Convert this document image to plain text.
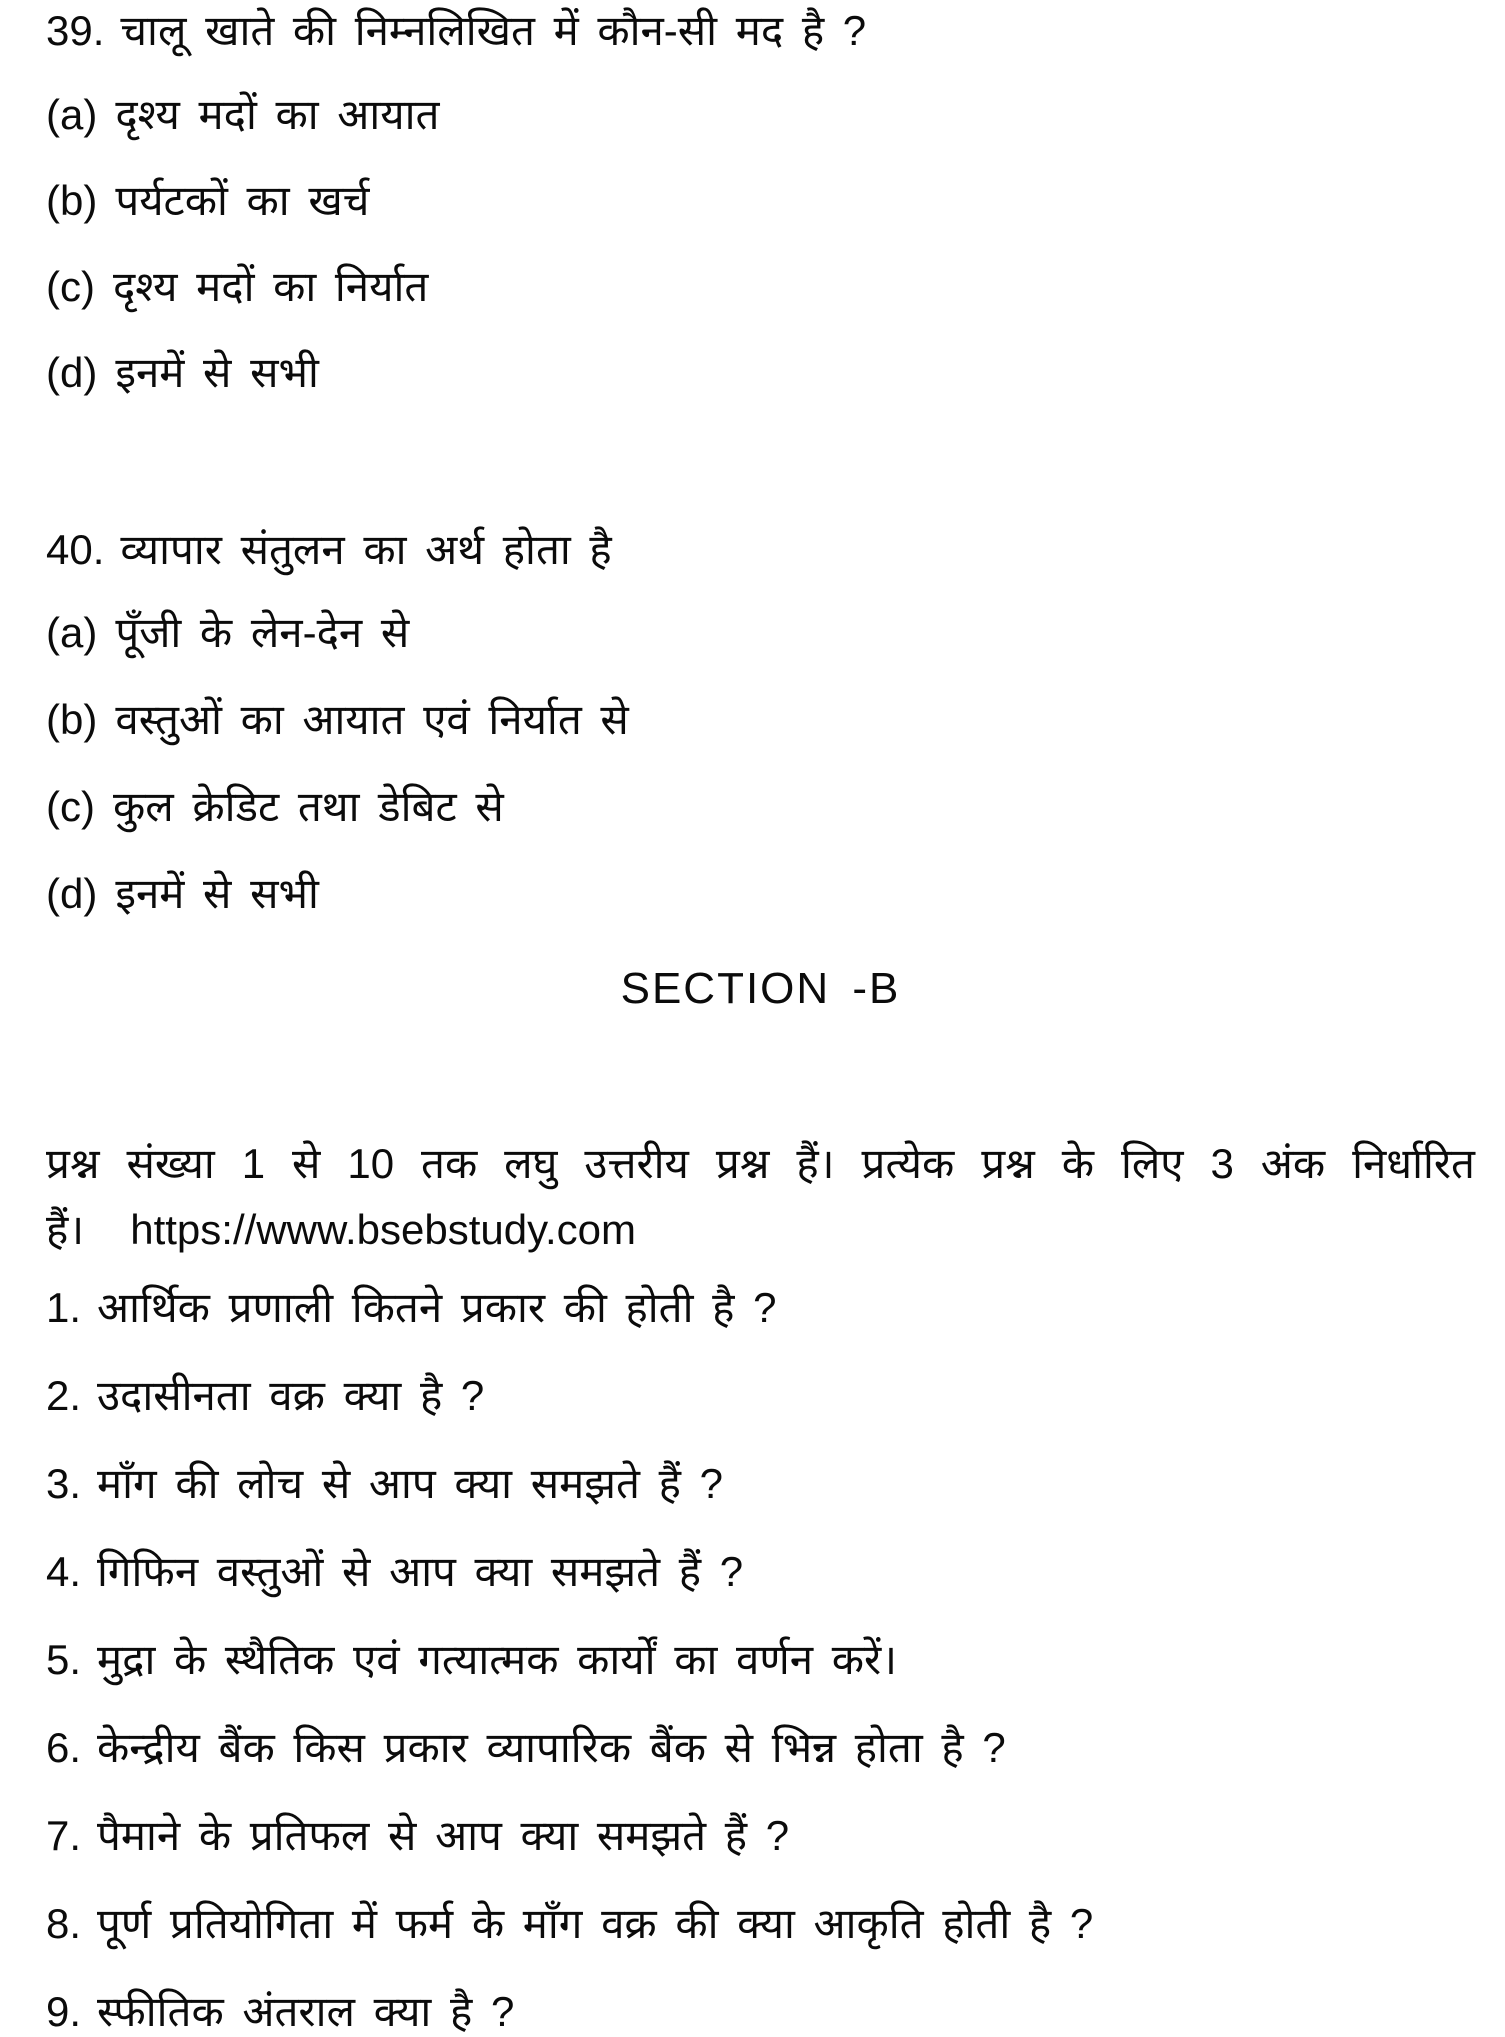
39. चालू खाते की निम्नलिखित में कौन-सी मद है ?
(a) दृश्य मदों का आयात
(b) पर्यटकों का खर्च
(c) दृश्य मदों का निर्यात
(d) इनमें से सभी
40. व्यापार संतुलन का अर्थ होता है
(a) पूँजी के लेन-देन से
(b) वस्तुओं का आयात एवं निर्यात से
(c) कुल क्रेडिट तथा डेबिट से
(d) इनमें से सभी
SECTION -B
प्रश्न संख्या 1 से 10 तक लघु उत्तरीय प्रश्न हैं। प्रत्येक प्रश्न के लिए 3 अंक निर्धारित
हैं। https://www.bsebstudy.com
1. आर्थिक प्रणाली कितने प्रकार की होती है ?
2. उदासीनता वक्र क्या है ?
3. माँग की लोच से आप क्या समझते हैं ?
4. गिफिन वस्तुओं से आप क्या समझते हैं ?
5. मुद्रा के स्थैतिक एवं गत्यात्मक कार्यों का वर्णन करें।
6. केन्द्रीय बैंक किस प्रकार व्यापारिक बैंक से भिन्न होता है ?
7. पैमाने के प्रतिफल से आप क्या समझते हैं ?
8. पूर्ण प्रतियोगिता में फर्म के माँग वक्र की क्या आकृति होती है ?
9. स्फीतिक अंतराल क्या है ?
